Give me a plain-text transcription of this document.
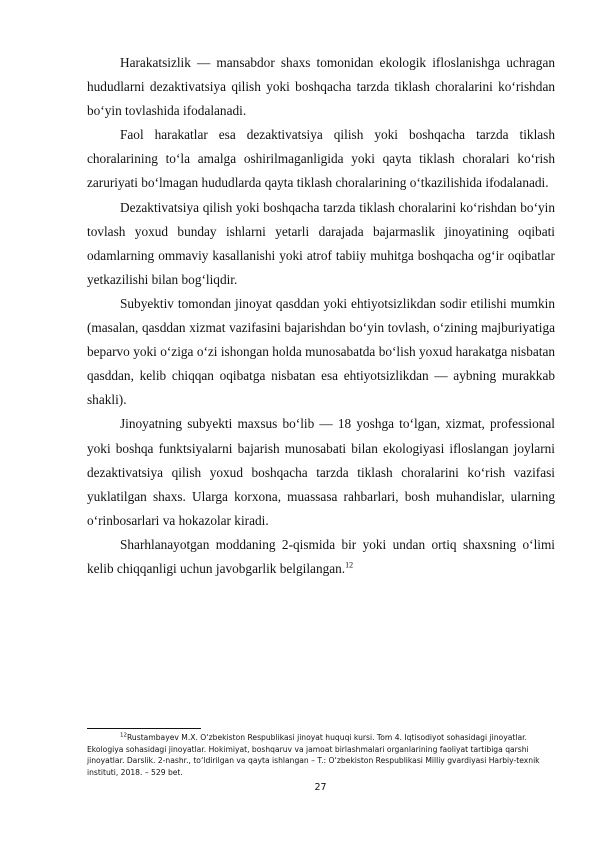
Harakatsizlik — mansabdor shaxs tomonidan ekologik ifloslanishga uchragan hududlarni dezaktivatsiya qilish yoki boshqacha tarzda tiklash choralarini ko‘rishdan bo‘yin tovlashida ifodalanadi.

Faol harakatlar esa dezaktivatsiya qilish yoki boshqacha tarzda tiklash choralarining to‘la amalga oshirilmaganligida yoki qayta tiklash choralari ko‘rish zaruriyati bo‘lmagan hududlarda qayta tiklash choralarining o‘tkazilishida ifodalanadi.

Dezaktivatsiya qilish yoki boshqacha tarzda tiklash choralarini ko‘rishdan bo‘yin tovlash yoxud bunday ishlarni yetarli darajada bajarmaslik jinoyatining oqibati odamlarning ommaviy kasallanishi yoki atrof tabiiy muhitga boshqacha og‘ir oqibatlar yetkazilishi bilan bog‘liqdir.

Subyektiv tomondan jinoyat qasddan yoki ehtiyotsizlikdan sodir etilishi mumkin (masalan, qasddan xizmat vazifasini bajarishdan bo‘yin tovlash, o‘zining majburiyatiga beparvo yoki o‘ziga o‘zi ishongan holda munosabatda bo‘lish yoxud harakatga nisbatan qasddan, kelib chiqqan oqibatga nisbatan esa ehtiyotsizlikdan — aybning murakkab shakli).

Jinoyatning subyekti maxsus bo‘lib — 18 yoshga to‘lgan, xizmat, professional yoki boshqa funktsiyalarni bajarish munosabati bilan ekologiyasi ifloslangan joylarni dezaktivatsiya qilish yoxud boshqacha tarzda tiklash choralarini ko‘rish vazifasi yuklatilgan shaxs. Ularga korxona, muassasa rahbarlari, bosh muhandislar, ularning o‘rinbosarlari va hokazolar kiradi.

Sharhlanayotgan moddaning 2-qismida bir yoki undan ortiq shaxsning o‘limi kelib chiqqanligi uchun javobgarlik belgilangan.$^{12}$

$^{12}$Rustambayev M.X. O‘zbekiston Respublikasi jinoyat huquqi kursi. Tom 4. Iqtisodiyot sohasidagi jinoyatlar. Ekologiya sohasidagi jinoyatlar. Hokimiyat, boshqaruv va jamoat birlashmalari organlarining faoliyat tartibiga qarshi jinoyatlar. Darslik. 2-nashr., to‘ldirilgan va qayta ishlangan – T.: O‘zbekiston Respublikasi Milliy gvardiyasi Harbiy-texnik instituti, 2018. – 529 bet.

27
